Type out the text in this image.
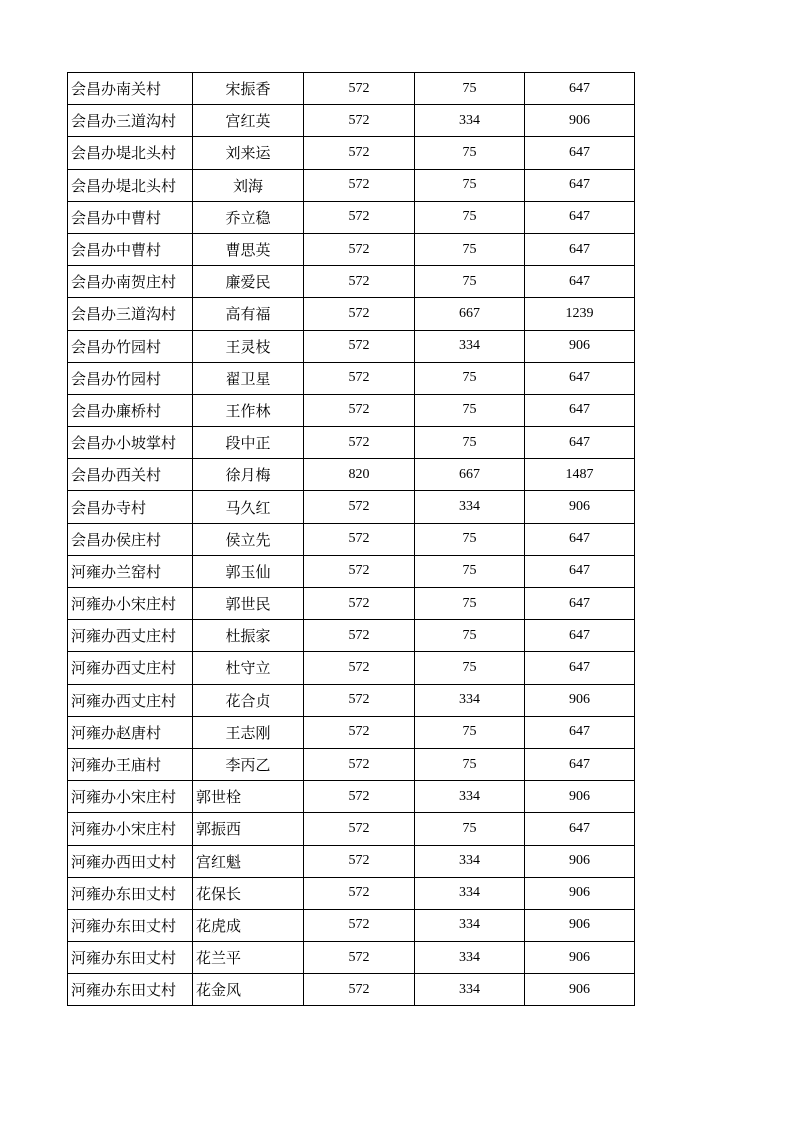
会昌办南关村	宋振香	572	75	647
会昌办三道沟村	宫红英	572	334	906
会昌办堤北头村	刘来运	572	75	647
会昌办堤北头村	刘海	572	75	647
会昌办中曹村	乔立稳	572	75	647
会昌办中曹村	曹思英	572	75	647
会昌办南贺庄村	廉爱民	572	75	647
会昌办三道沟村	高有福	572	667	1239
会昌办竹园村	王灵枝	572	334	906
会昌办竹园村	翟卫星	572	75	647
会昌办廉桥村	王作林	572	75	647
会昌办小坡掌村	段中正	572	75	647
会昌办西关村	徐月梅	820	667	1487
会昌办寺村	马久红	572	334	906
会昌办侯庄村	侯立先	572	75	647
河雍办兰窑村	郭玉仙	572	75	647
河雍办小宋庄村	郭世民	572	75	647
河雍办西丈庄村	杜振家	572	75	647
河雍办西丈庄村	杜守立	572	75	647
河雍办西丈庄村	花合贞	572	334	906
河雍办赵唐村	王志刚	572	75	647
河雍办王庙村	李丙乙	572	75	647
河雍办小宋庄村	郭世栓	572	334	906
河雍办小宋庄村	郭振西	572	75	647
河雍办西田丈村	宫红魁	572	334	906
河雍办东田丈村	花保长	572	334	906
河雍办东田丈村	花虎成	572	334	906
河雍办东田丈村	花兰平	572	334	906
河雍办东田丈村	花金风	572	334	906
